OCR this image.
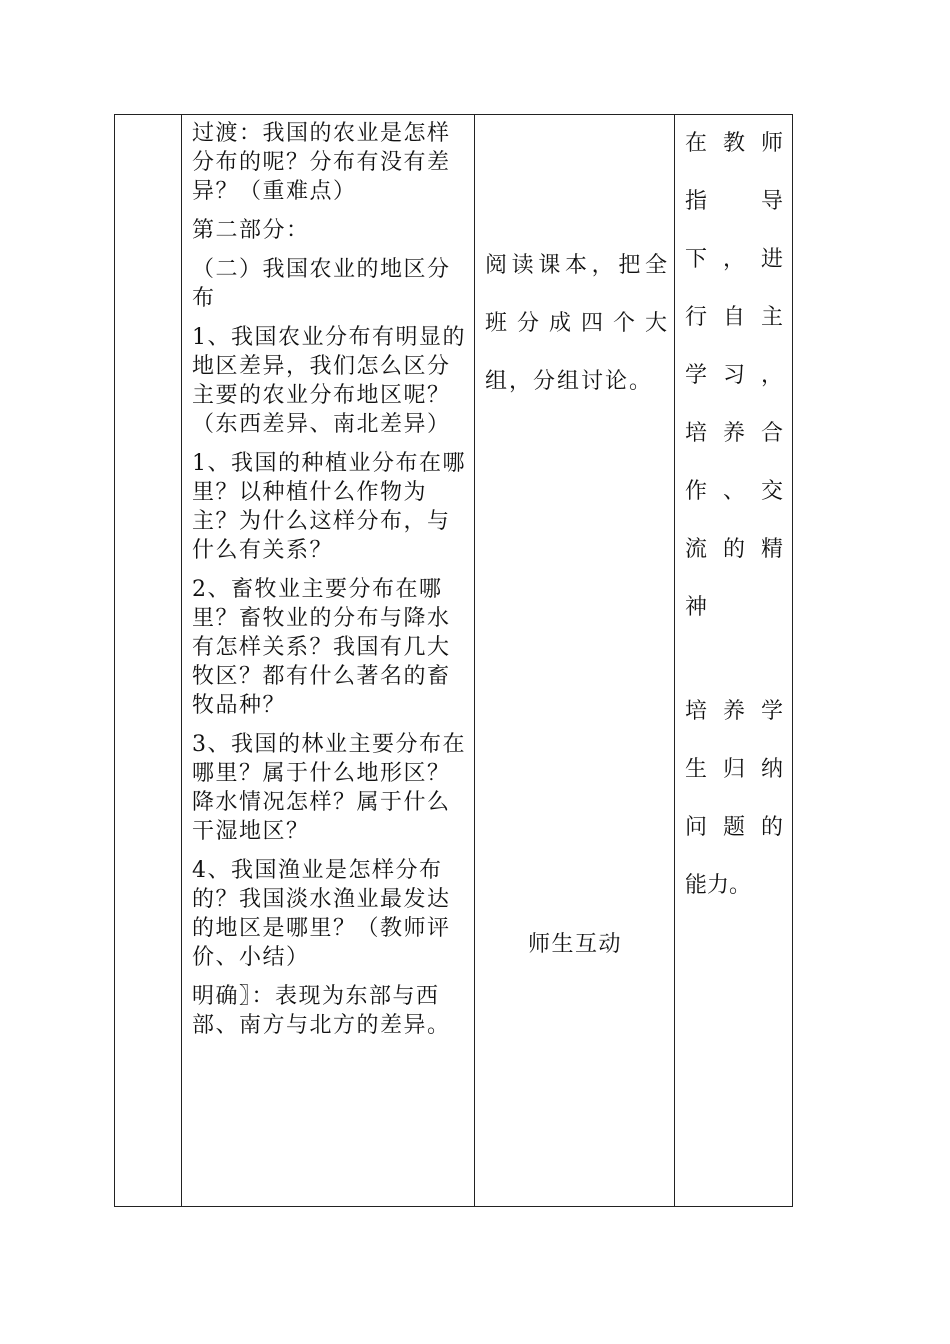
过渡：我国的农业是怎样分布的呢？分布有没有差异？（重难点）

第二部分：

（二）我国农业的地区分布

1、我国农业分布有明显的地区差异，我们怎么区分主要的农业分布地区呢？（东西差异、南北差异）

1、我国的种植业分布在哪里？以种植什么作物为主？为什么这样分布，与什么有关系？

2、畜牧业主要分布在哪里？畜牧业的分布与降水有怎样关系？我国有几大牧区？都有什么著名的畜牧品种？

3、我国的林业主要分布在哪里？属于什么地形区？降水情况怎样？属于什么干湿地区？

4、我国渔业是怎样分布的？我国淡水渔业最发达的地区是哪里？（教师评价、小结）

明确〗：表现为东部与西部、南方与北方的差异。

阅读课本，把全班分成四个大组，分组讨论。
师生互动
在教师
指导
下，进
行自主
学习，
培养合
作、交
流的精
神
培养学
生归纳
问题的
能力。
